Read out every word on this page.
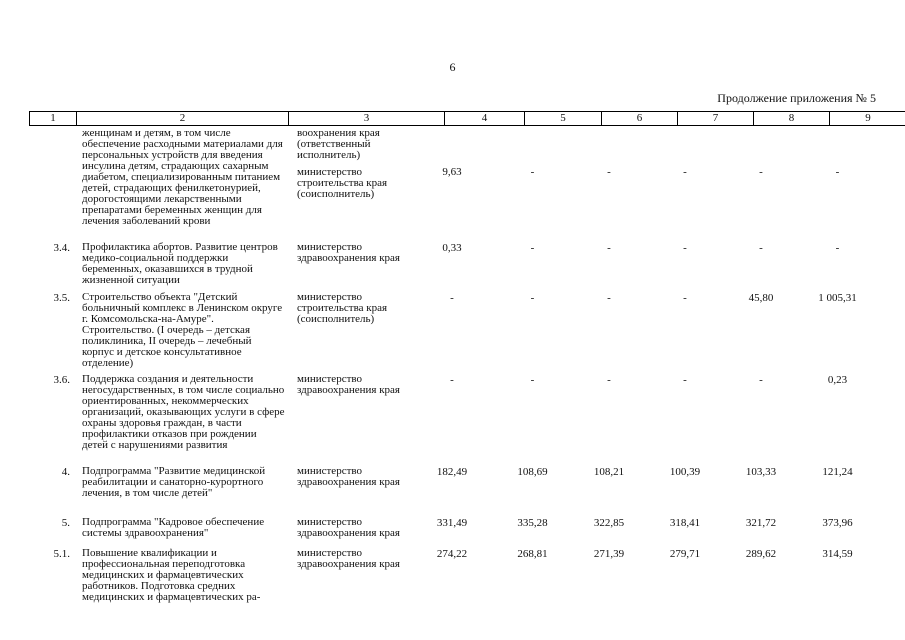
6
Продолжение приложения № 5
1	2	3	4	5	6	7	8	9
женщинам и детям, в том числе обеспечение расходными материалами для персональных устройств для введения инсулина детям, страдающих сахарным диабетом, специализированным питанием детей, страдающих фенилкетонурией, дорогостоящими лекарственными препаратами беременных женщин для лечения заболеваний крови
воохранения края (ответственный исполнитель)
министерство строительства края (соисполнитель)
9,63	-	-	-	-	-
3.4. Профилактика абортов. Развитие центров медико-социальной поддержки беременных, оказавшихся в трудной жизненной ситуации
министерство здравоохранения края
0,33	-	-	-	-	-
3.5. Строительство объекта "Детский больничный комплекс в Ленинском округе г. Комсомольска-на-Амуре". Строительство. (I очередь – детская поликлиника, II очередь – лечебный корпус и детское консультативное отделение)
министерство строительства края (соисполнитель)
-	-	-	-	45,80	1 005,31
3.6. Поддержка создания и деятельности негосударственных, в том числе социально ориентированных, некоммерческих организаций, оказывающих услуги в сфере охраны здоровья граждан, в части профилактики отказов при рождении детей с нарушениями развития
министерство здравоохранения края
-	-	-	-	-	0,23
4. Подпрограмма "Развитие медицинской реабилитации и санаторно-курортного лечения, в том числе детей"
министерство здравоохранения края
182,49	108,69	108,21	100,39	103,33	121,24
5. Подпрограмма "Кадровое обеспечение системы здравоохранения"
министерство здравоохранения края
331,49	335,28	322,85	318,41	321,72	373,96
5.1. Повышение квалификации и профессиональная переподготовка медицинских и фармацевтических работников. Подготовка средних медицинских и фармацевтических ра-
министерство здравоохранения края
274,22	268,81	271,39	279,71	289,62	314,59
